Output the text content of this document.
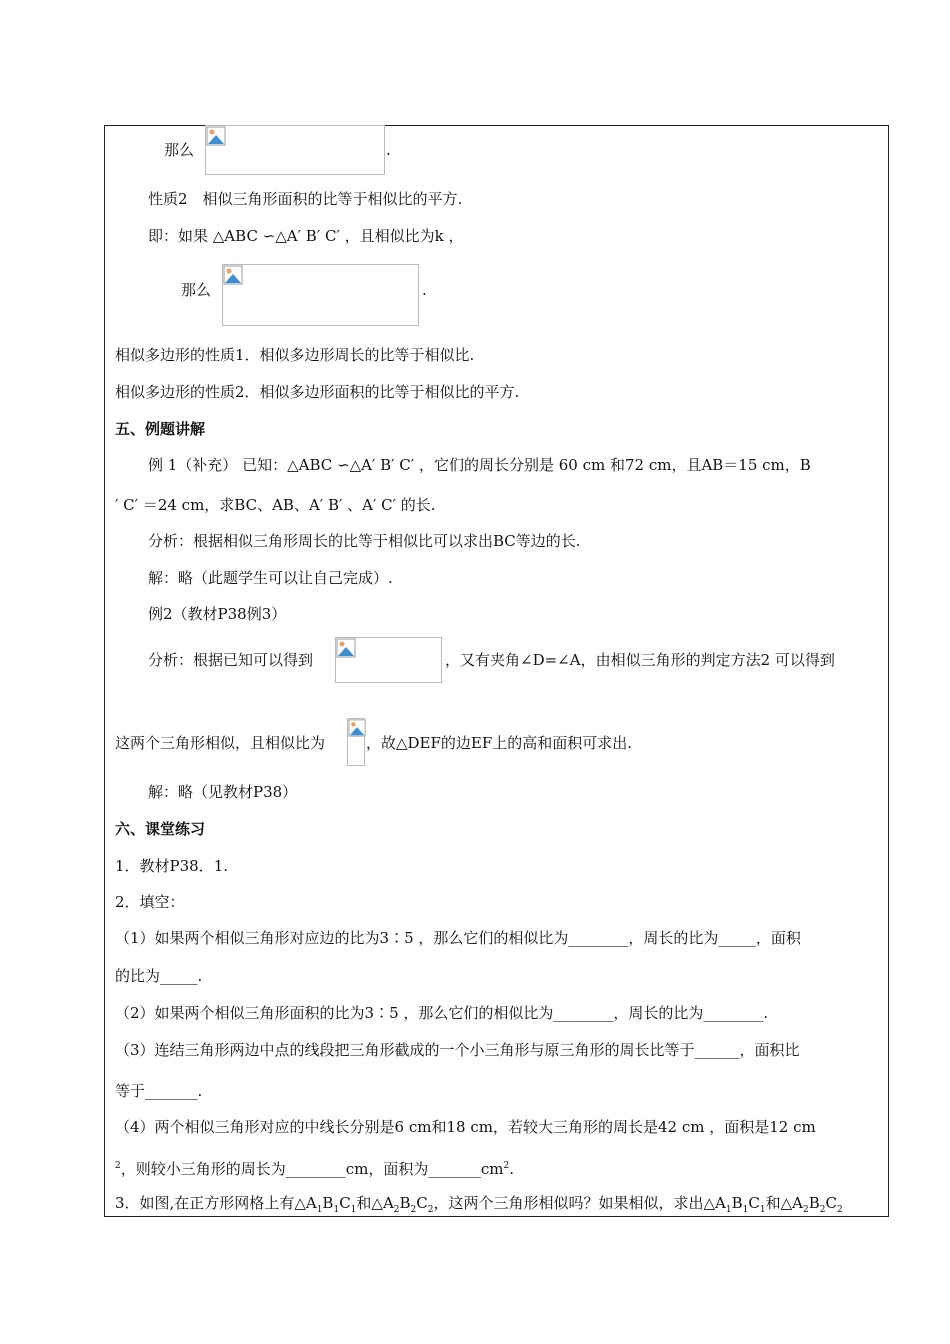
那么	.
性质2　相似三角形面积的比等于相似比的平方.
即：如果 △ABC ∽△A′ B′ C′ ，且相似比为k ，
那么	.
相似多边形的性质1．相似多边形周长的比等于相似比.
相似多边形的性质2．相似多边形面积的比等于相似比的平方.
五、例题讲解
例 1（补充） 已知：△ABC ∽△A′ B′ C′ ，它们的周长分别是 60 cm 和72 cm，且AB＝15 cm，B
′ C′ ＝24 cm，求BC、AB、A′ B′ 、A′ C′ 的长.
分析：根据相似三角形周长的比等于相似比可以求出BC等边的长.
解：略（此题学生可以让自己完成）.
例2（教材P38例3）
分析：根据已知可以得到	，又有夹角∠D=∠A，由相似三角形的判定方法2 可以得到
这两个三角形相似，且相似比为	，故△DEF的边EF上的高和面积可求出.
解：略（见教材P38）
六、课堂练习
1．教材P38．1.
2．填空：
（1）如果两个相似三角形对应边的比为3∶5 ，那么它们的相似比为________，周长的比为_____，面积
的比为_____.
（2）如果两个相似三角形面积的比为3∶5 ，那么它们的相似比为________，周长的比为________.
（3）连结三角形两边中点的线段把三角形截成的一个小三角形与原三角形的周长比等于______，面积比
等于_______.
（4）两个相似三角形对应的中线长分别是6 cm和18 cm，若较大三角形的周长是42 cm ，面积是12 cm
$^2$，则较小三角形的周长为________cm，面积为$\_\_\_\_\_\_\_cm^2$.
3．如图,在正方形网格上有$\triangle A_1B_1C_1$和$\triangle A_2B_2C_2$，这两个三角形相似吗？如果相似，求出$\triangle A_1B_1C_1$和$\triangle A_2B_2C_2$
